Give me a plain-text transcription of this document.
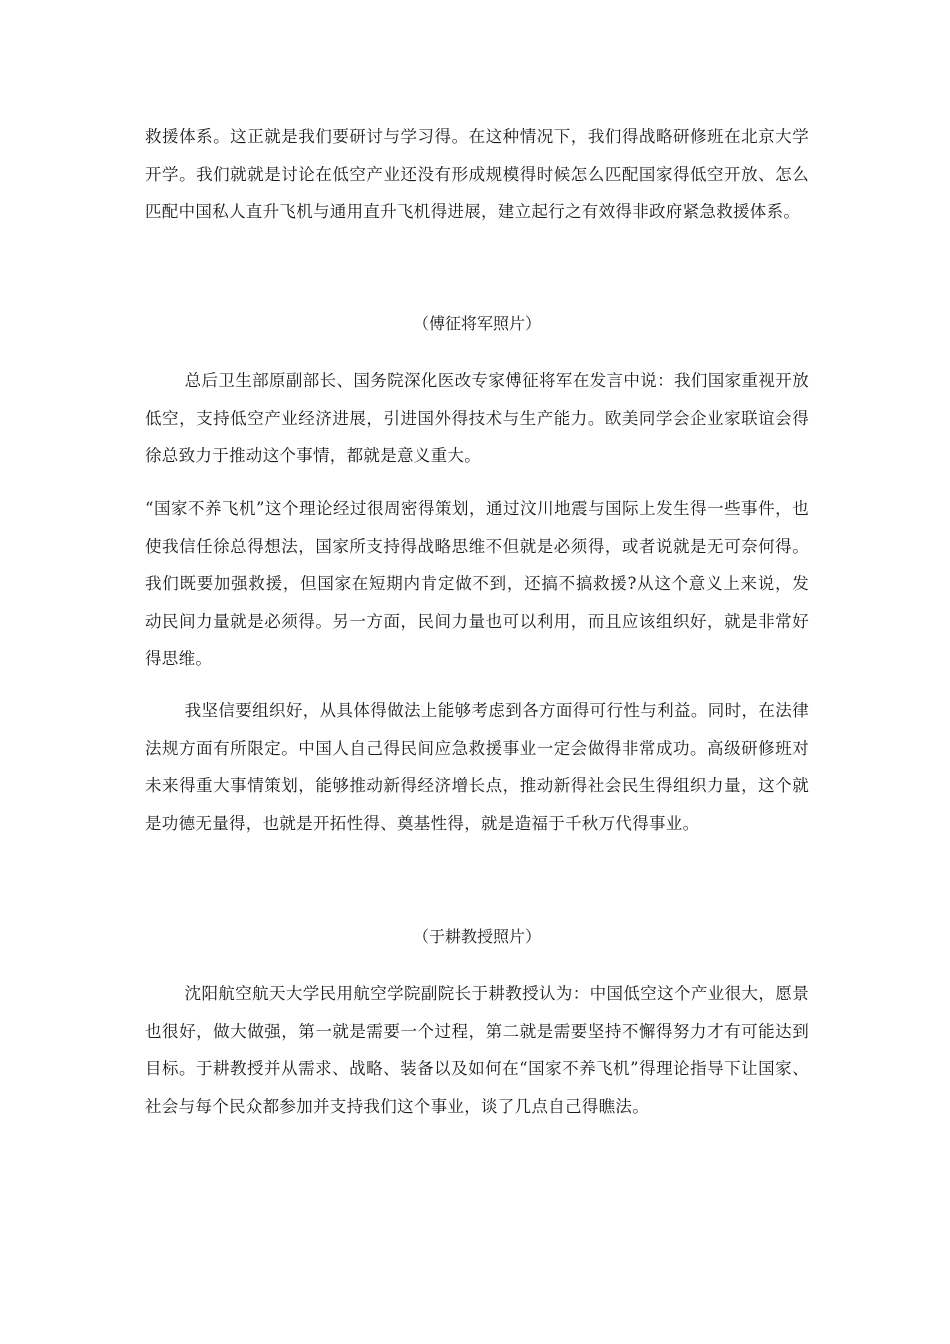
救援体系。这正就是我们要研讨与学习得。在这种情况下，我们得战略研修班在北京大学开学。我们就就是讨论在低空产业还没有形成规模得时候怎么匹配国家得低空开放、怎么匹配中国私人直升飞机与通用直升飞机得进展，建立起行之有效得非政府紧急救援体系。

（傅征将军照片）

总后卫生部原副部长、国务院深化医改专家傅征将军在发言中说：我们国家重视开放低空，支持低空产业经济进展，引进国外得技术与生产能力。欧美同学会企业家联谊会得徐总致力于推动这个事情，都就是意义重大。

“国家不养飞机”这个理论经过很周密得策划，通过汶川地震与国际上发生得一些事件，也使我信任徐总得想法，国家所支持得战略思维不但就是必须得，或者说就是无可奈何得。我们既要加强救援，但国家在短期内肯定做不到，还搞不搞救援?从这个意义上来说，发动民间力量就是必须得。另一方面，民间力量也可以利用，而且应该组织好，就是非常好得思维。

我坚信要组织好，从具体得做法上能够考虑到各方面得可行性与利益。同时，在法律法规方面有所限定。中国人自己得民间应急救援事业一定会做得非常成功。高级研修班对未来得重大事情策划，能够推动新得经济增长点，推动新得社会民生得组织力量，这个就是功德无量得，也就是开拓性得、奠基性得，就是造福于千秋万代得事业。

（于耕教授照片）

沈阳航空航天大学民用航空学院副院长于耕教授认为：中国低空这个产业很大，愿景也很好，做大做强，第一就是需要一个过程，第二就是需要坚持不懈得努力才有可能达到目标。于耕教授并从需求、战略、装备以及如何在“国家不养飞机”得理论指导下让国家、社会与每个民众都参加并支持我们这个事业，谈了几点自己得瞧法。
